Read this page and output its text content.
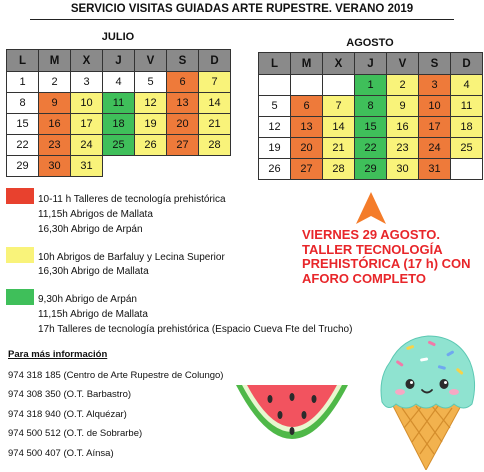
SERVICIO VISITAS GUIADAS ARTE RUPESTRE. VERANO 2019
JULIO
L	M	X	J	V	S	D
1	2	3	4	5	6	7
8	9	10	11	12	13	14
15	16	17	18	19	20	21
22	23	24	25	26	27	28
29	30	31				
AGOSTO
L	M	X	J	V	S	D
			1	2	3	4
5	6	7	8	9	10	11
12	13	14	15	16	17	18
19	20	21	22	23	24	25
26	27	28	29	30	31	
10-11 h Talleres de tecnología prehistórica
11,15h Abrigos de Mallata
16,30h Abrigo de Arpán
10h Abrigos de Barfaluy y Lecina Superior
16,30h Abrigo de Mallata
9,30h Abrigo de Arpán
11,15h Abrigo de Mallata
17h Talleres de tecnología prehistórica (Espacio Cueva Fte del Trucho)
VIERNES 29 AGOSTO.
TALLER TECNOLOGÍA
PREHISTÓRICA (17 h) CON
AFORO COMPLETO
Para más información
974 318 185 (Centro de Arte Rupestre de Colungo)
974 308 350 (O.T. Barbastro)
974 318 940 (O.T. Alquézar)
974 500 512 (O.T. de Sobrarbe)
974 500 407 (O.T. Aínsa)
